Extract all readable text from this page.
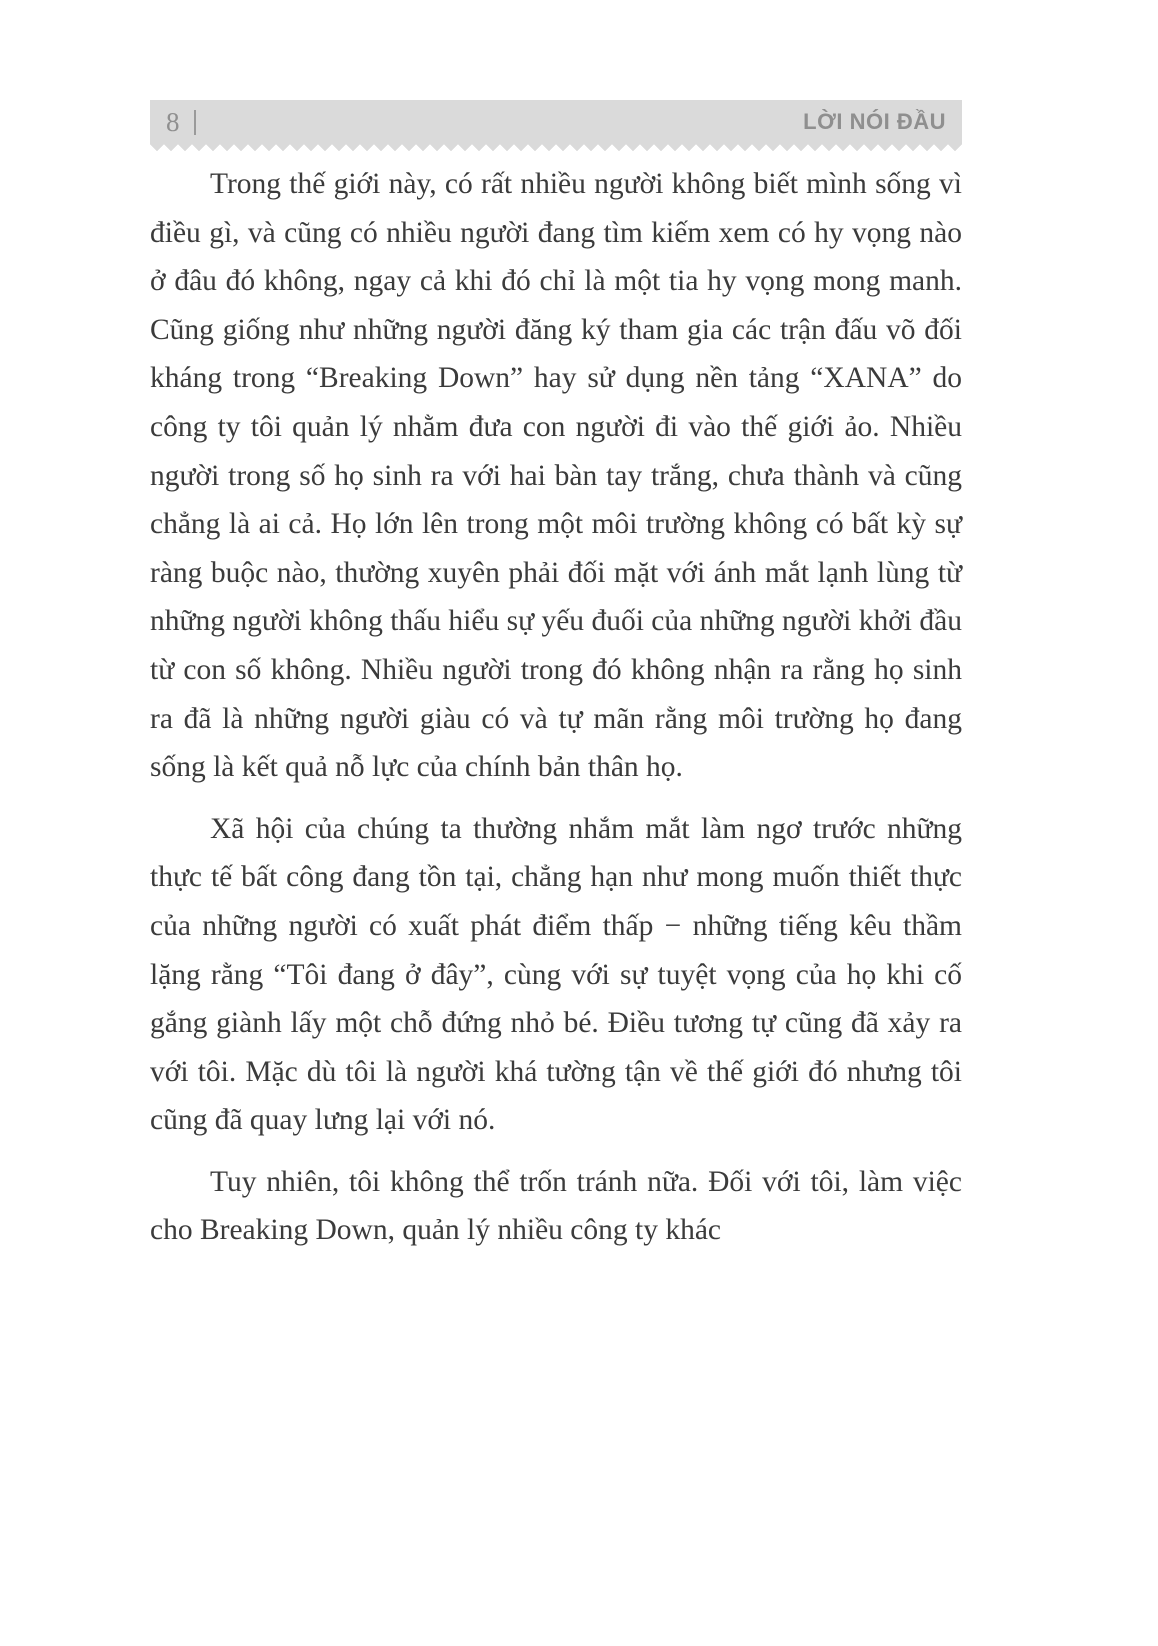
8	LỜI NÓI ĐẦU

Trong thế giới này, có rất nhiều người không biết mình sống vì điều gì, và cũng có nhiều người đang tìm kiếm xem có hy vọng nào ở đâu đó không, ngay cả khi đó chỉ là một tia hy vọng mong manh. Cũng giống như những người đăng ký tham gia các trận đấu võ đối kháng trong “Breaking Down” hay sử dụng nền tảng “XANA” do công ty tôi quản lý nhằm đưa con người đi vào thế giới ảo. Nhiều người trong số họ sinh ra với hai bàn tay trắng, chưa thành và cũng chẳng là ai cả. Họ lớn lên trong một môi trường không có bất kỳ sự ràng buộc nào, thường xuyên phải đối mặt với ánh mắt lạnh lùng từ những người không thấu hiểu sự yếu đuối của những người khởi đầu từ con số không. Nhiều người trong đó không nhận ra rằng họ sinh ra đã là những người giàu có và tự mãn rằng môi trường họ đang sống là kết quả nỗ lực của chính bản thân họ.

Xã hội của chúng ta thường nhắm mắt làm ngơ trước những thực tế bất công đang tồn tại, chẳng hạn như mong muốn thiết thực của những người có xuất phát điểm thấp − những tiếng kêu thầm lặng rằng “Tôi đang ở đây”, cùng với sự tuyệt vọng của họ khi cố gắng giành lấy một chỗ đứng nhỏ bé. Điều tương tự cũng đã xảy ra với tôi. Mặc dù tôi là người khá tường tận về thế giới đó nhưng tôi cũng đã quay lưng lại với nó.

Tuy nhiên, tôi không thể trốn tránh nữa. Đối với tôi, làm việc cho Breaking Down, quản lý nhiều công ty khác
